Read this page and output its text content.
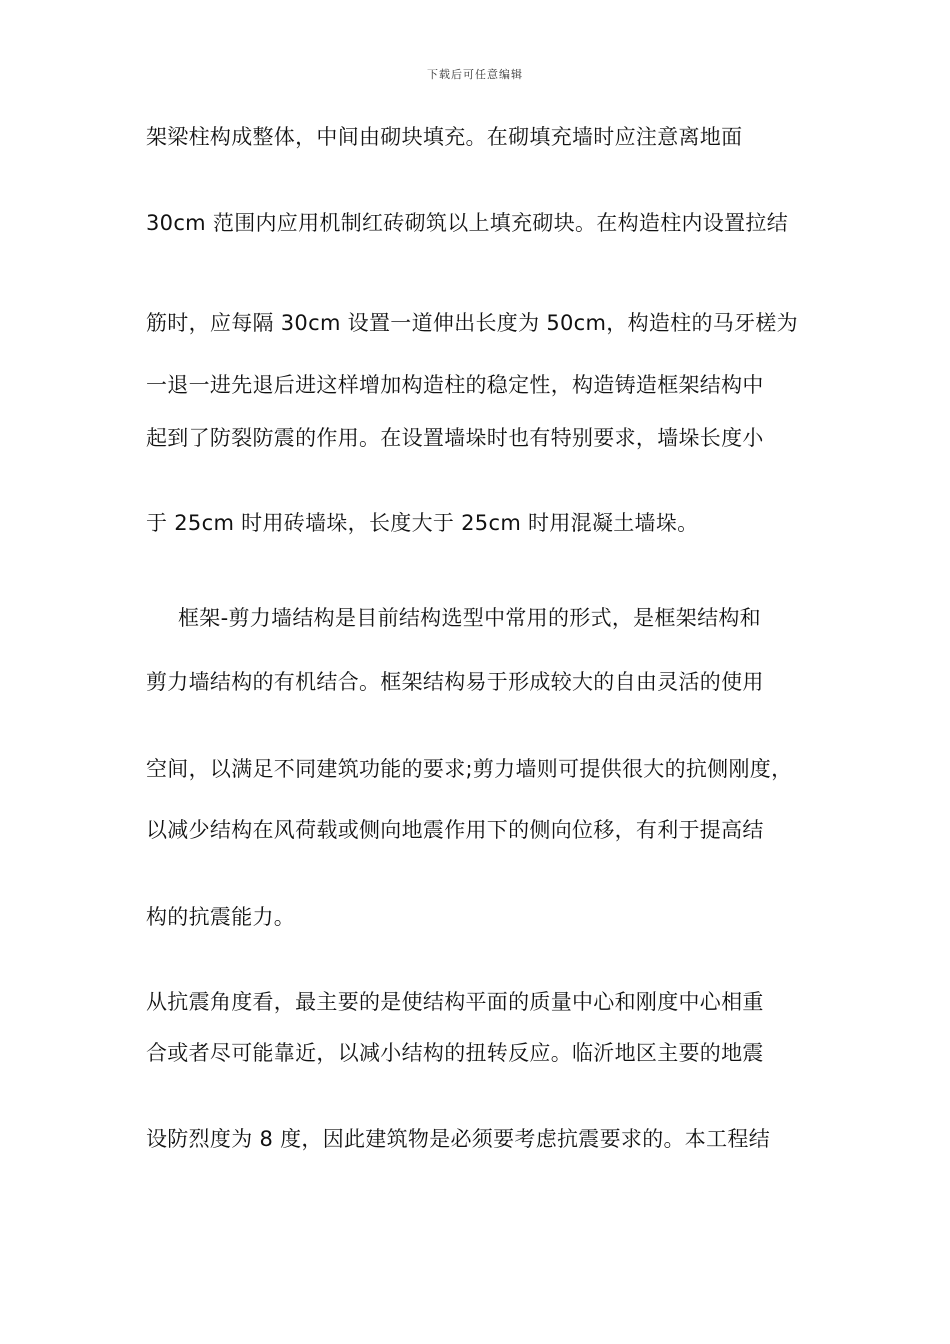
下载后可任意编辑
架梁柱构成整体，中间由砌块填充。在砌填充墙时应注意离地面
30cm 范围内应用机制红砖砌筑以上填充砌块。在构造柱内设置拉结
筋时，应每隔 30cm 设置一道伸出长度为 50cm，构造柱的马牙槎为
一退一进先退后进这样增加构造柱的稳定性，构造铸造框架结构中
起到了防裂防震的作用。在设置墙垛时也有特别要求，墙垛长度小
于 25cm 时用砖墙垛，长度大于 25cm 时用混凝土墙垛。
框架-剪力墙结构是目前结构选型中常用的形式，是框架结构和
剪力墙结构的有机结合。框架结构易于形成较大的自由灵活的使用
空间，以满足不同建筑功能的要求;剪力墙则可提供很大的抗侧刚度，
以减少结构在风荷载或侧向地震作用下的侧向位移，有利于提高结
构的抗震能力。
从抗震角度看，最主要的是使结构平面的质量中心和刚度中心相重
合或者尽可能靠近，以减小结构的扭转反应。临沂地区主要的地震
设防烈度为 8 度，因此建筑物是必须要考虑抗震要求的。本工程结
